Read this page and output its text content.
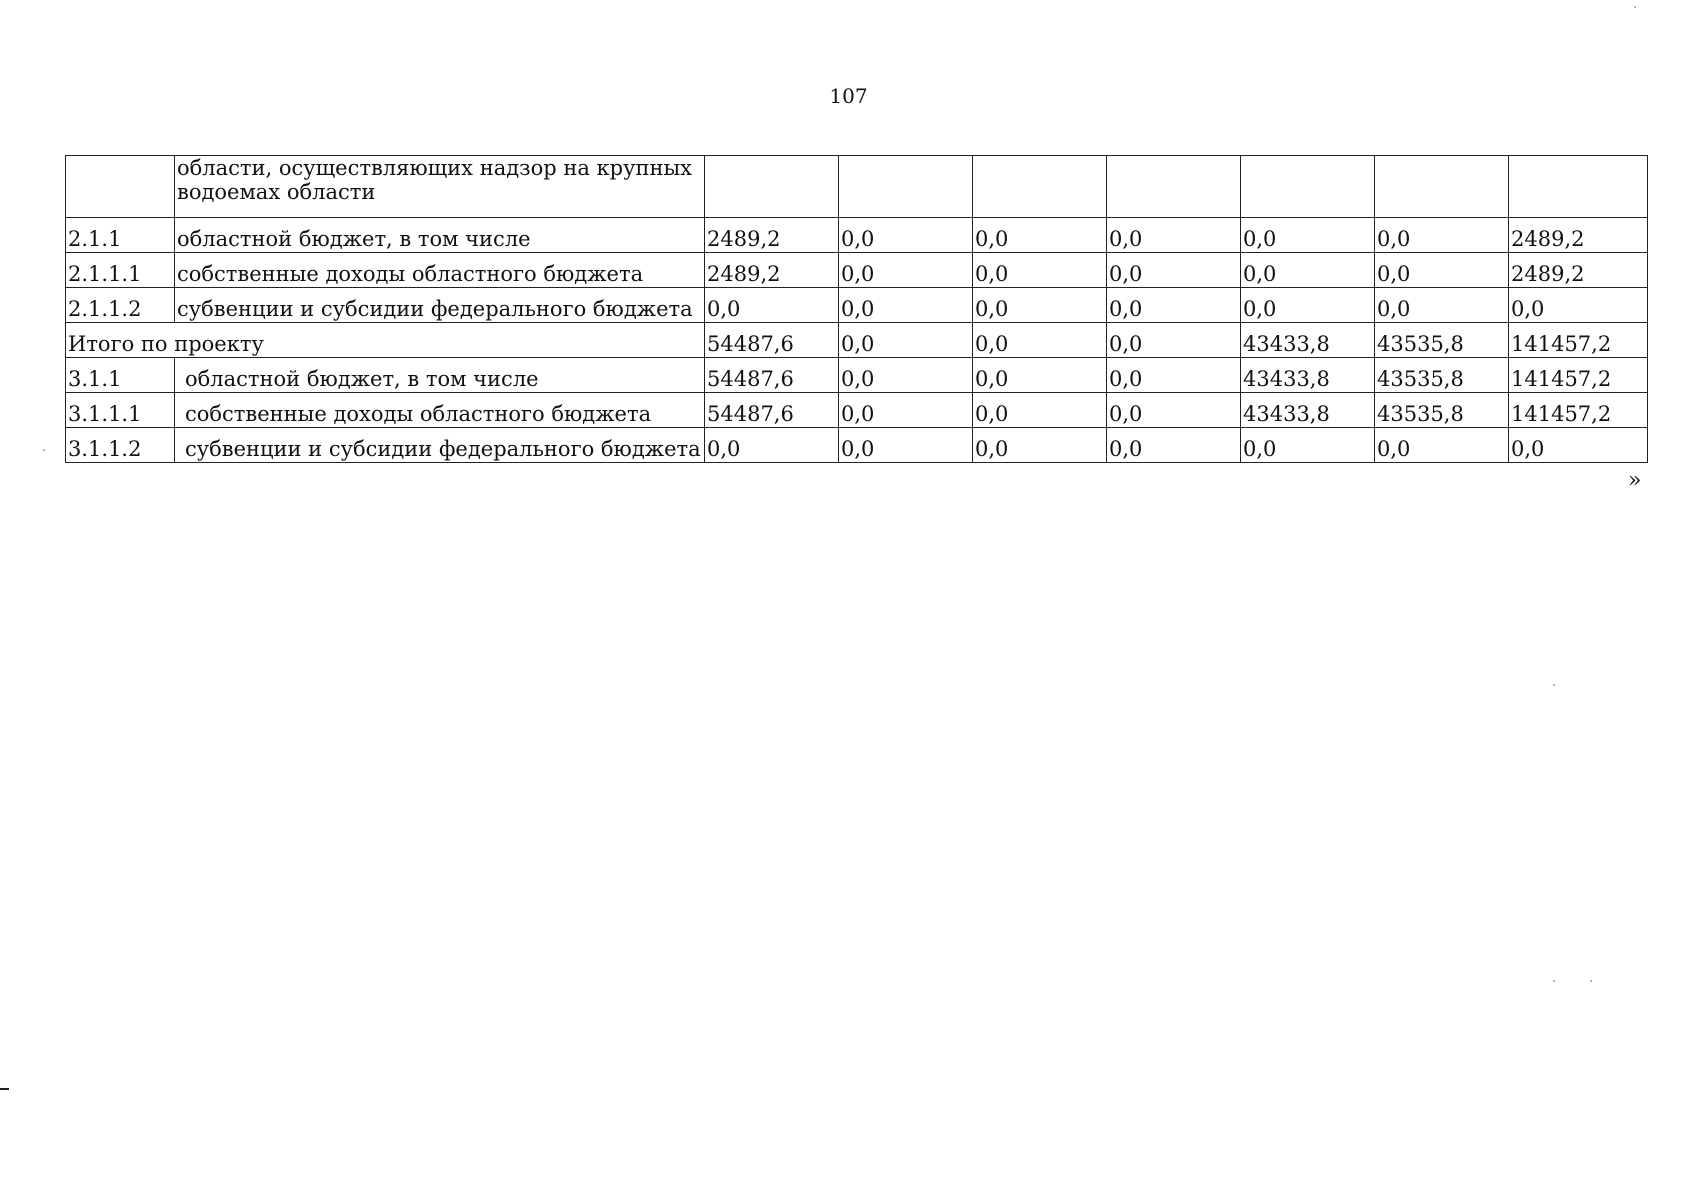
107
	области, осуществляющих надзор на крупных водоемах области							
2.1.1	областной бюджет, в том числе	2489,2	0,0	0,0	0,0	0,0	0,0	2489,2
2.1.1.1	собственные доходы областного бюджета	2489,2	0,0	0,0	0,0	0,0	0,0	2489,2
2.1.1.2	субвенции и субсидии федерального бюджета	0,0	0,0	0,0	0,0	0,0	0,0	0,0
Итого по проекту		54487,6	0,0	0,0	0,0	43433,8	43535,8	141457,2
3.1.1	областной бюджет, в том числе	54487,6	0,0	0,0	0,0	43433,8	43535,8	141457,2
3.1.1.1	собственные доходы областного бюджета	54487,6	0,0	0,0	0,0	43433,8	43535,8	141457,2
3.1.1.2	субвенции и субсидии федерального бюджета	0,0	0,0	0,0	0,0	0,0	0,0	0,0
»
